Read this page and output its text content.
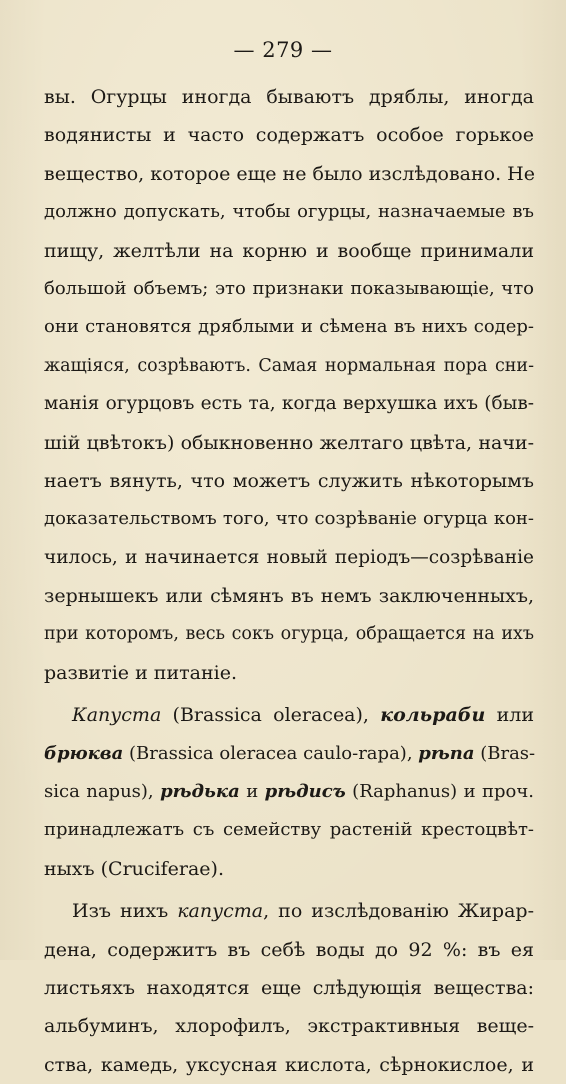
— 279 —
вы. Огурцы иногда бываютъ дряблы, иногда
водянисты и часто содержатъ особое горькое
вещество, которое еще не было изслѣдовано. Не
должно допускать, чтобы огурцы, назначаемые въ
пищу, желтѣли на корню и вообще принимали
большой объемъ; это признаки показывающіе, что
они становятся дряблыми и сѣмена въ нихъ содер-
жащіяся, созрѣваютъ. Самая нормальная пора сни-
манія огурцовъ есть та, когда верхушка ихъ (быв-
шій цвѣтокъ) обыкновенно желтаго цвѣта, начи-
наетъ вянуть, что можетъ служить нѣкоторымъ
доказательствомъ того, что созрѣваніе огурца кон-
чилось, и начинается новый періодъ—созрѣваніе
зернышекъ или сѣмянъ въ немъ заключенныхъ,
при которомъ, весь сокъ огурца, обращается на ихъ
развитіе и питаніе.
Капуста (Brassica oleracea), кольраби или
брюква (Brassica oleracea caulo-rapa), рѣпа (Bras-
sica napus), рѣдька и рѣдисъ (Raphanus) и проч.
принадлежатъ съ семейству растеній крестоцвѣт-
ныхъ (Cruciferae).
Изъ нихъ капуста, по изслѣдованію Жирар-
дена, содержитъ въ себѣ воды до 92 %: въ ея
листьяхъ находятся еще слѣдующія вещества:
альбуминъ, хлорофилъ, экстрактивныя веще-
ства, камедь, уксусная кислота, сѣрнокислое, и
